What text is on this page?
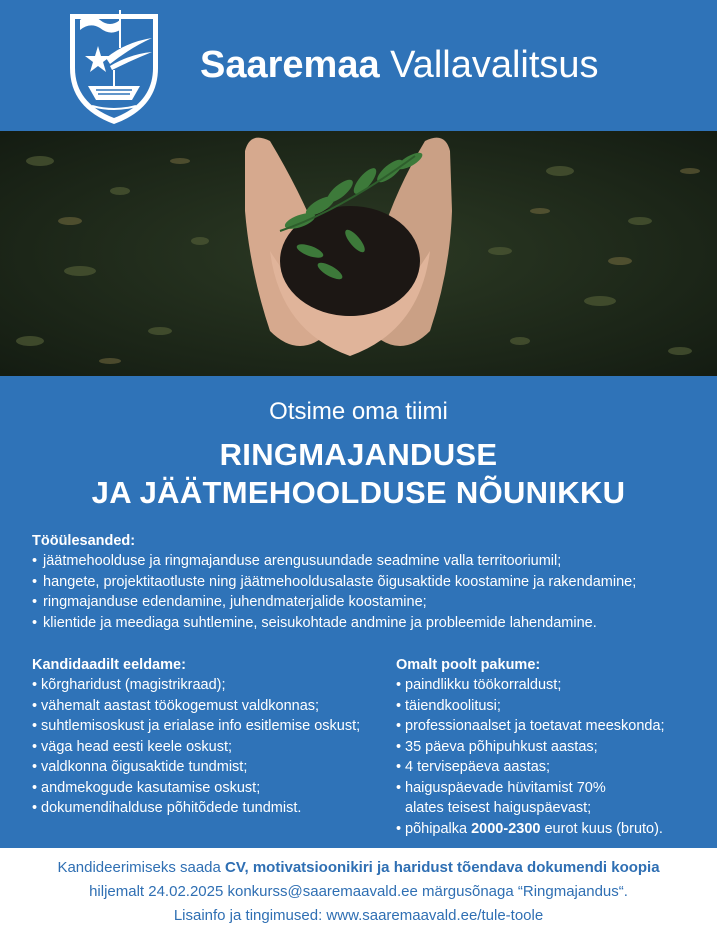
Saaremaa Vallavalitsus
Otsime oma tiimi
RINGMAJANDUSE
JA JÄÄTMEHOOLDUSE NÕUNIKKU
Tööülesanded:
• jäätmehoolduse ja ringmajanduse arengusuundade seadmine valla territooriumil;
• hangete, projektitaotluste ning jäätmehooldusalaste õigusaktide koostamine ja rakendamine;
• ringmajanduse edendamine, juhendmaterjalide koostamine;
• klientide ja meediaga suhtlemine, seisukohtade andmine ja probleemide lahendamine.
Kandidaadilt eeldame:
• kõrgharidust (magistrikraad);
• vähemalt aastast töökogemust valdkonnas;
• suhtlemisoskust ja erialase info esitlemise oskust;
• väga head eesti keele oskust;
• valdkonna õigusaktide tundmist;
• andmekogude kasutamise oskust;
• dokumendihalduse põhitõdede tundmist.
Omalt poolt pakume:
• paindlikku töökorraldust;
• täiendkoolitusi;
• professionaalset ja toetavat meeskonda;
• 35 päeva põhipuhkust aastas;
• 4 tervisepäeva aastas;
• haiguspäevade hüvitamist 70%
alates teisest haiguspäevast;
• põhipalka 2000-2300 eurot kuus (bruto).

Kandideerimiseks saada CV, motivatsioonikiri ja haridust tõendava dokumendi koopia

hiljemalt 24.02.2025 konkurss@saaremaavald.ee märgusõnaga “Ringmajandus“.

Lisainfo ja tingimused: www.saaremaavald.ee/tule-toole
